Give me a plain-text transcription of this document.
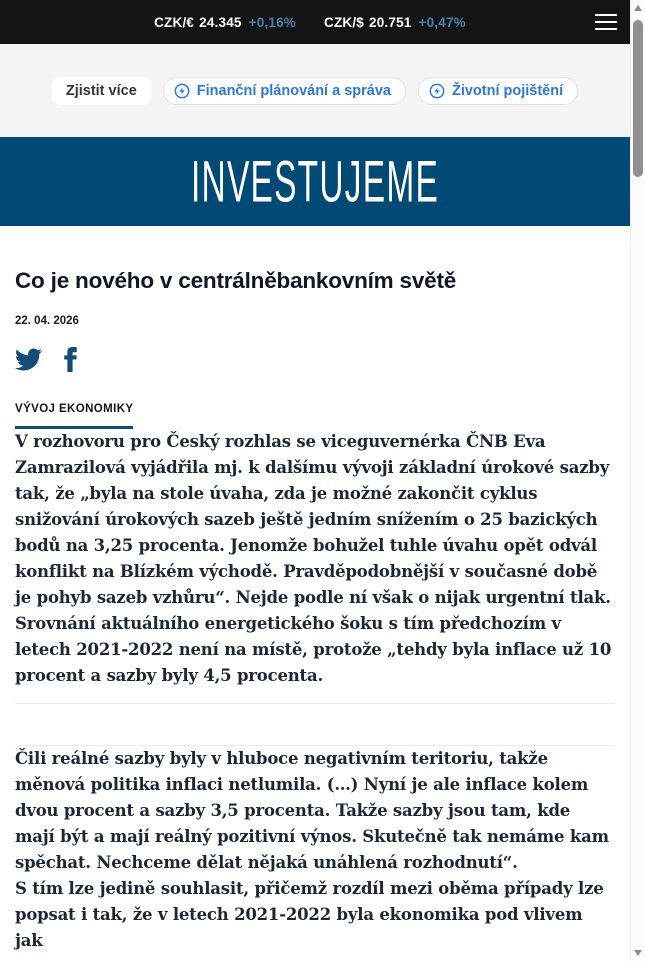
CZK/€ 24.345 +0,16% CZK/$ 20.751 +0,47%
Zjistit více	Finanční plánování a správa	Životní pojištění
INVESTUJEME
Co je nového v centrálněbankovním světě
22. 04. 2026
VÝVOJ EKONOMIKY

V rozhovoru pro Český rozhlas se viceguvernérka ČNB Eva Zamrazilová vyjádřila mj. k dalšímu vývoji základní úrokové sazby tak, že „byla na stole úvaha, zda je možné zakončit cyklus snižování úrokových sazeb ještě jedním snížením o 25 bazických bodů na 3,25 procenta. Jenomže bohužel tuhle úvahu opět odvál konflikt na Blízkém východě. Pravděpodobnější v současné době je pohyb sazeb vzhůru“. Nejde podle ní však o nijak urgentní tlak. Srovnání aktuálního energetického šoku s tím předchozím v letech 2021-2022 není na místě, protože „tehdy byla inflace už 10 procent a sazby byly 4,5 procenta.

Čili reálné sazby byly v hluboce negativním teritoriu, takže měnová politika inflaci netlumila. (…) Nyní je ale inflace kolem dvou procent a sazby 3,5 procenta. Takže sazby jsou tam, kde mají být a mají reálný pozitivní výnos. Skutečně tak nemáme kam spěchat. Nechceme dělat nějaká unáhlená rozhodnutí“.

S tím lze jedině souhlasit, přičemž rozdíl mezi oběma případy lze popsat i tak, že v letech 2021-2022 byla ekonomika pod vlivem jak
